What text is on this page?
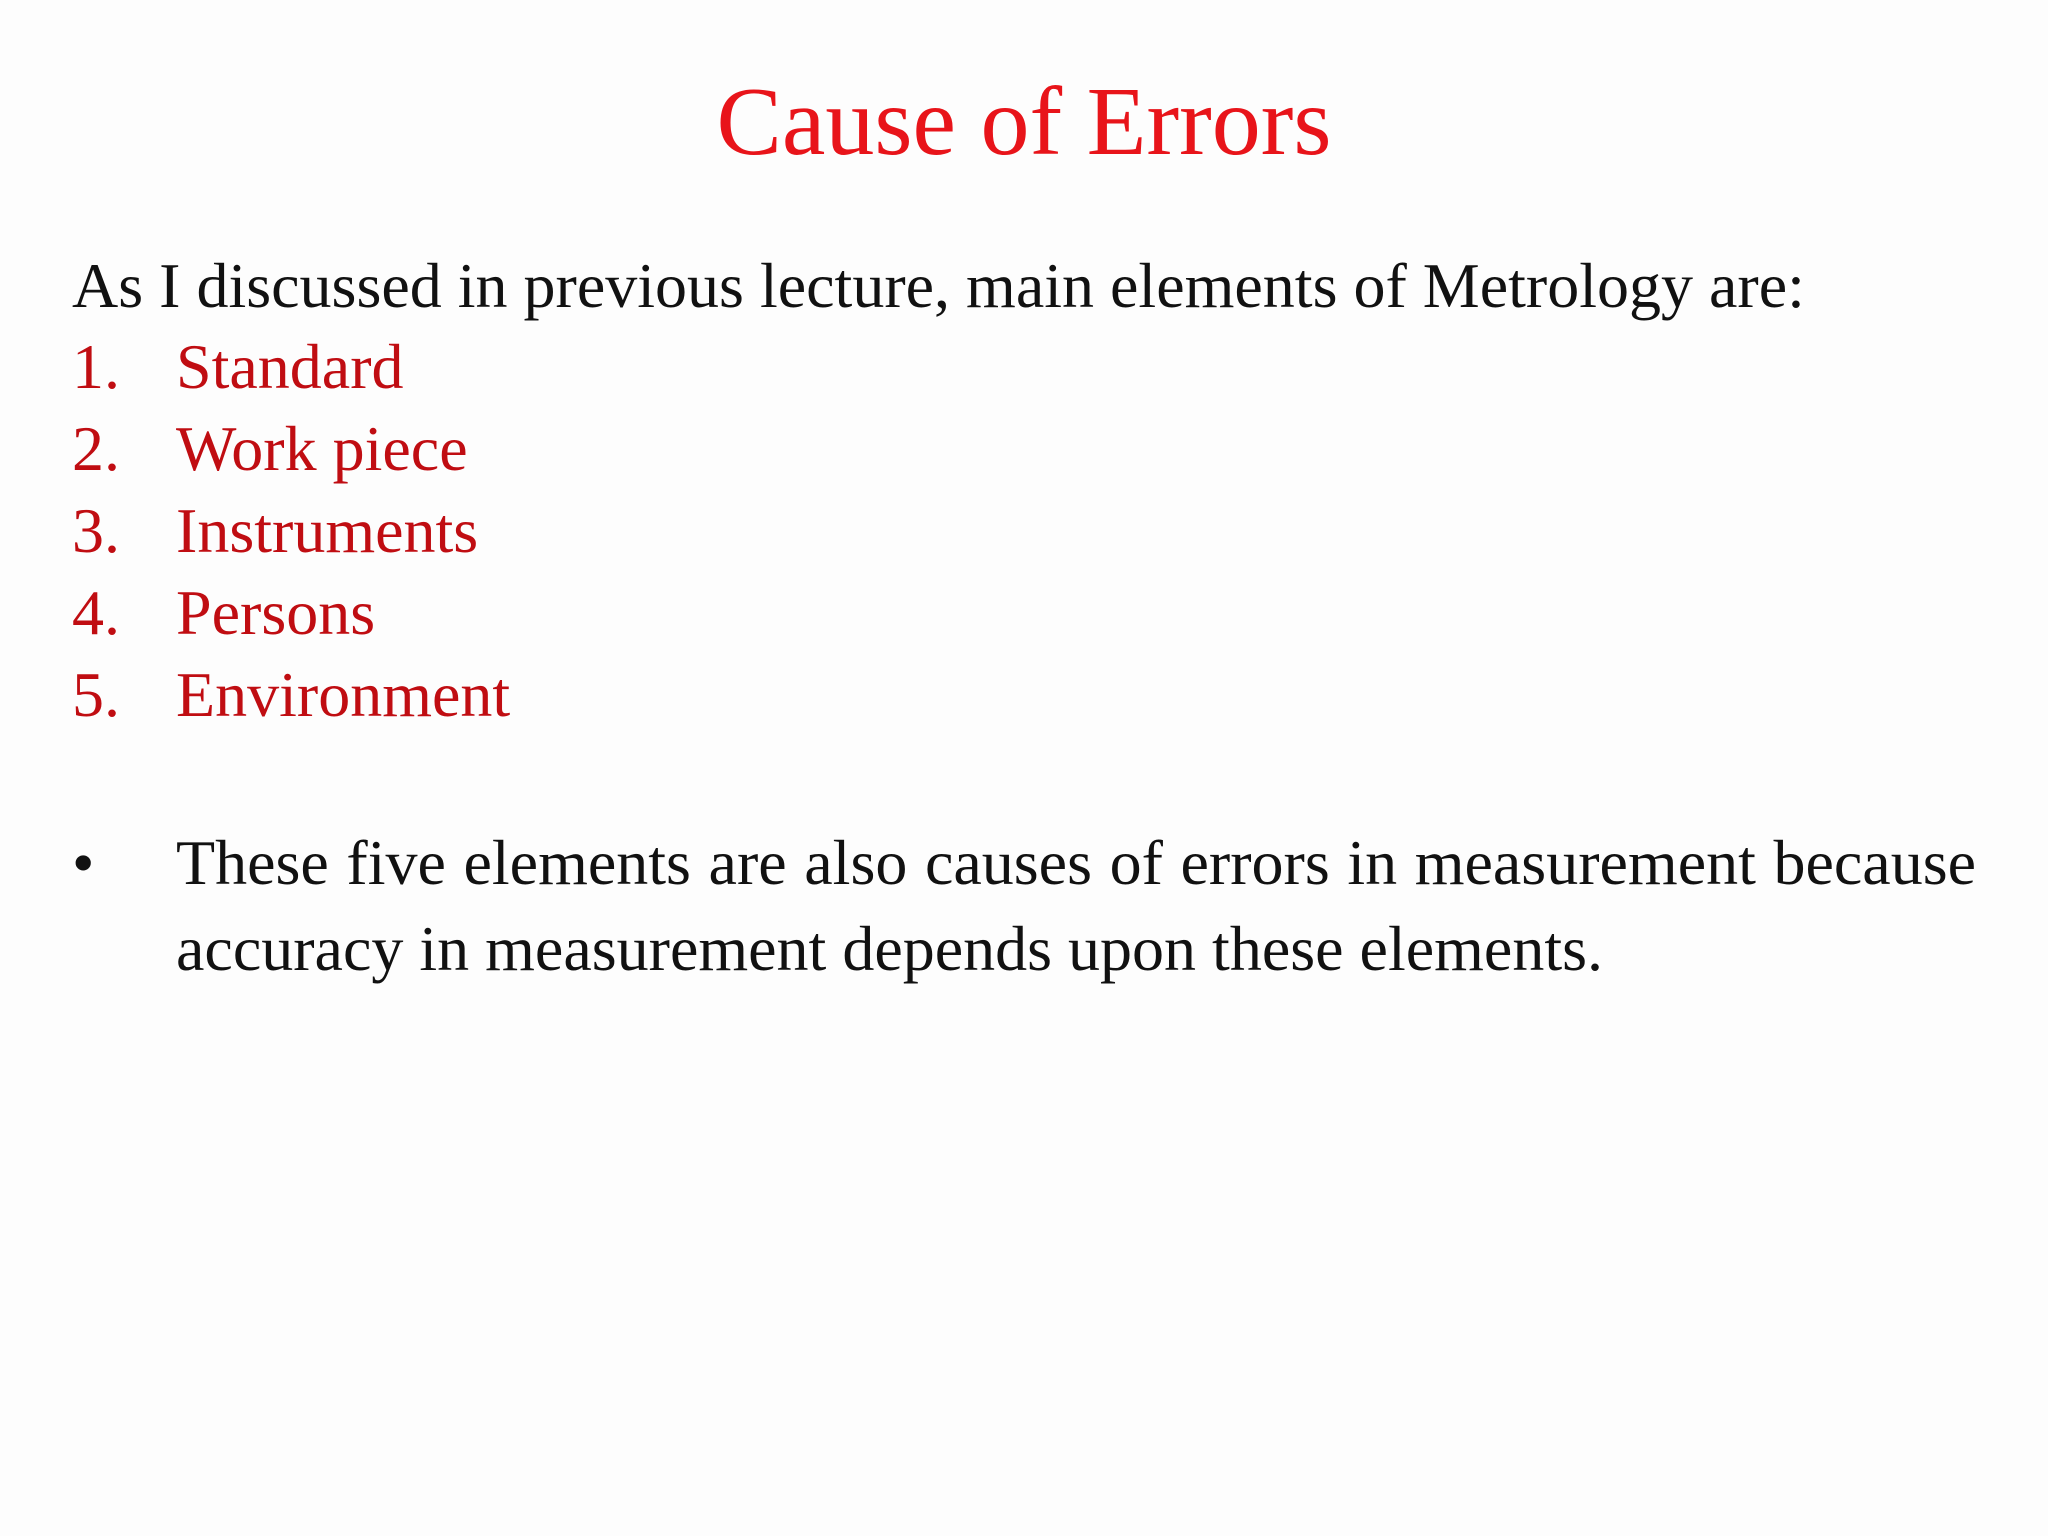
Cause of Errors

As I discussed in previous lecture, main elements of Metrology are:

1. Standard
2. Work piece
3. Instruments
4. Persons
5. Environment
•	These five elements are also causes of errors in measurement because accuracy in measurement depends upon these elements.
